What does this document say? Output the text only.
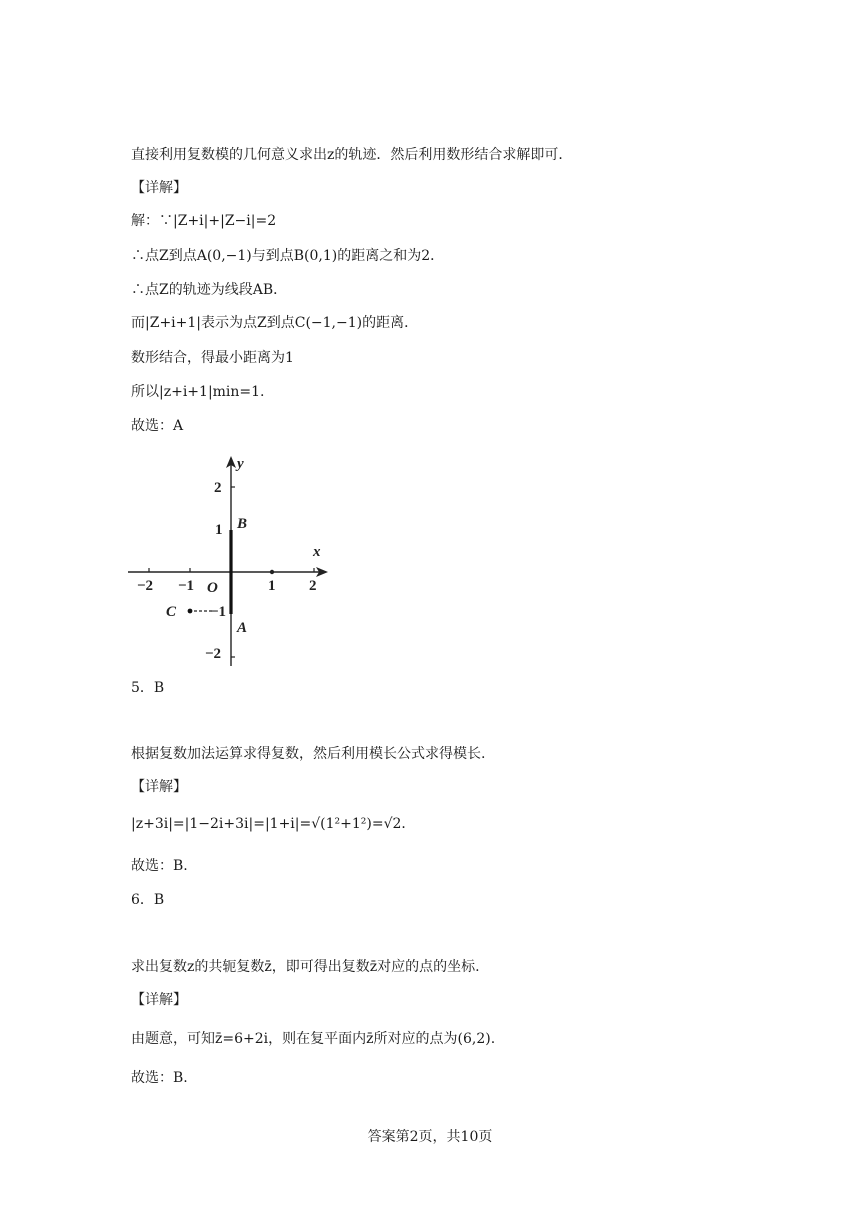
直接利用复数模的几何意义求出z的轨迹．然后利用数形结合求解即可．
【详解】
解：∵|Z+i|+|Z−i|=2
∴点Z到点A(0,−1)与到点B(0,1)的距离之和为2．
∴点Z的轨迹为线段AB．
而|Z+i+1|表示为点Z到点C(−1,−1)的距离．
数形结合，得最小距离为1
所以|z+i+1|min=1.
故选：A
y
x
−2 −1	1 2
2
1
−1
−2
O
B
A
C
5．B
根据复数加法运算求得复数，然后利用模长公式求得模长.
【详解】
|z+3i|=|1−2i+3i|=|1+i|=√(1²+1²)=√2．
故选：B.
6．B
求出复数z的共轭复数z̄，即可得出复数z̄对应的点的坐标.
【详解】
由题意，可知z̄=6+2i，则在复平面内z̄所对应的点为(6,2).
故选：B.
答案第2页，共10页
